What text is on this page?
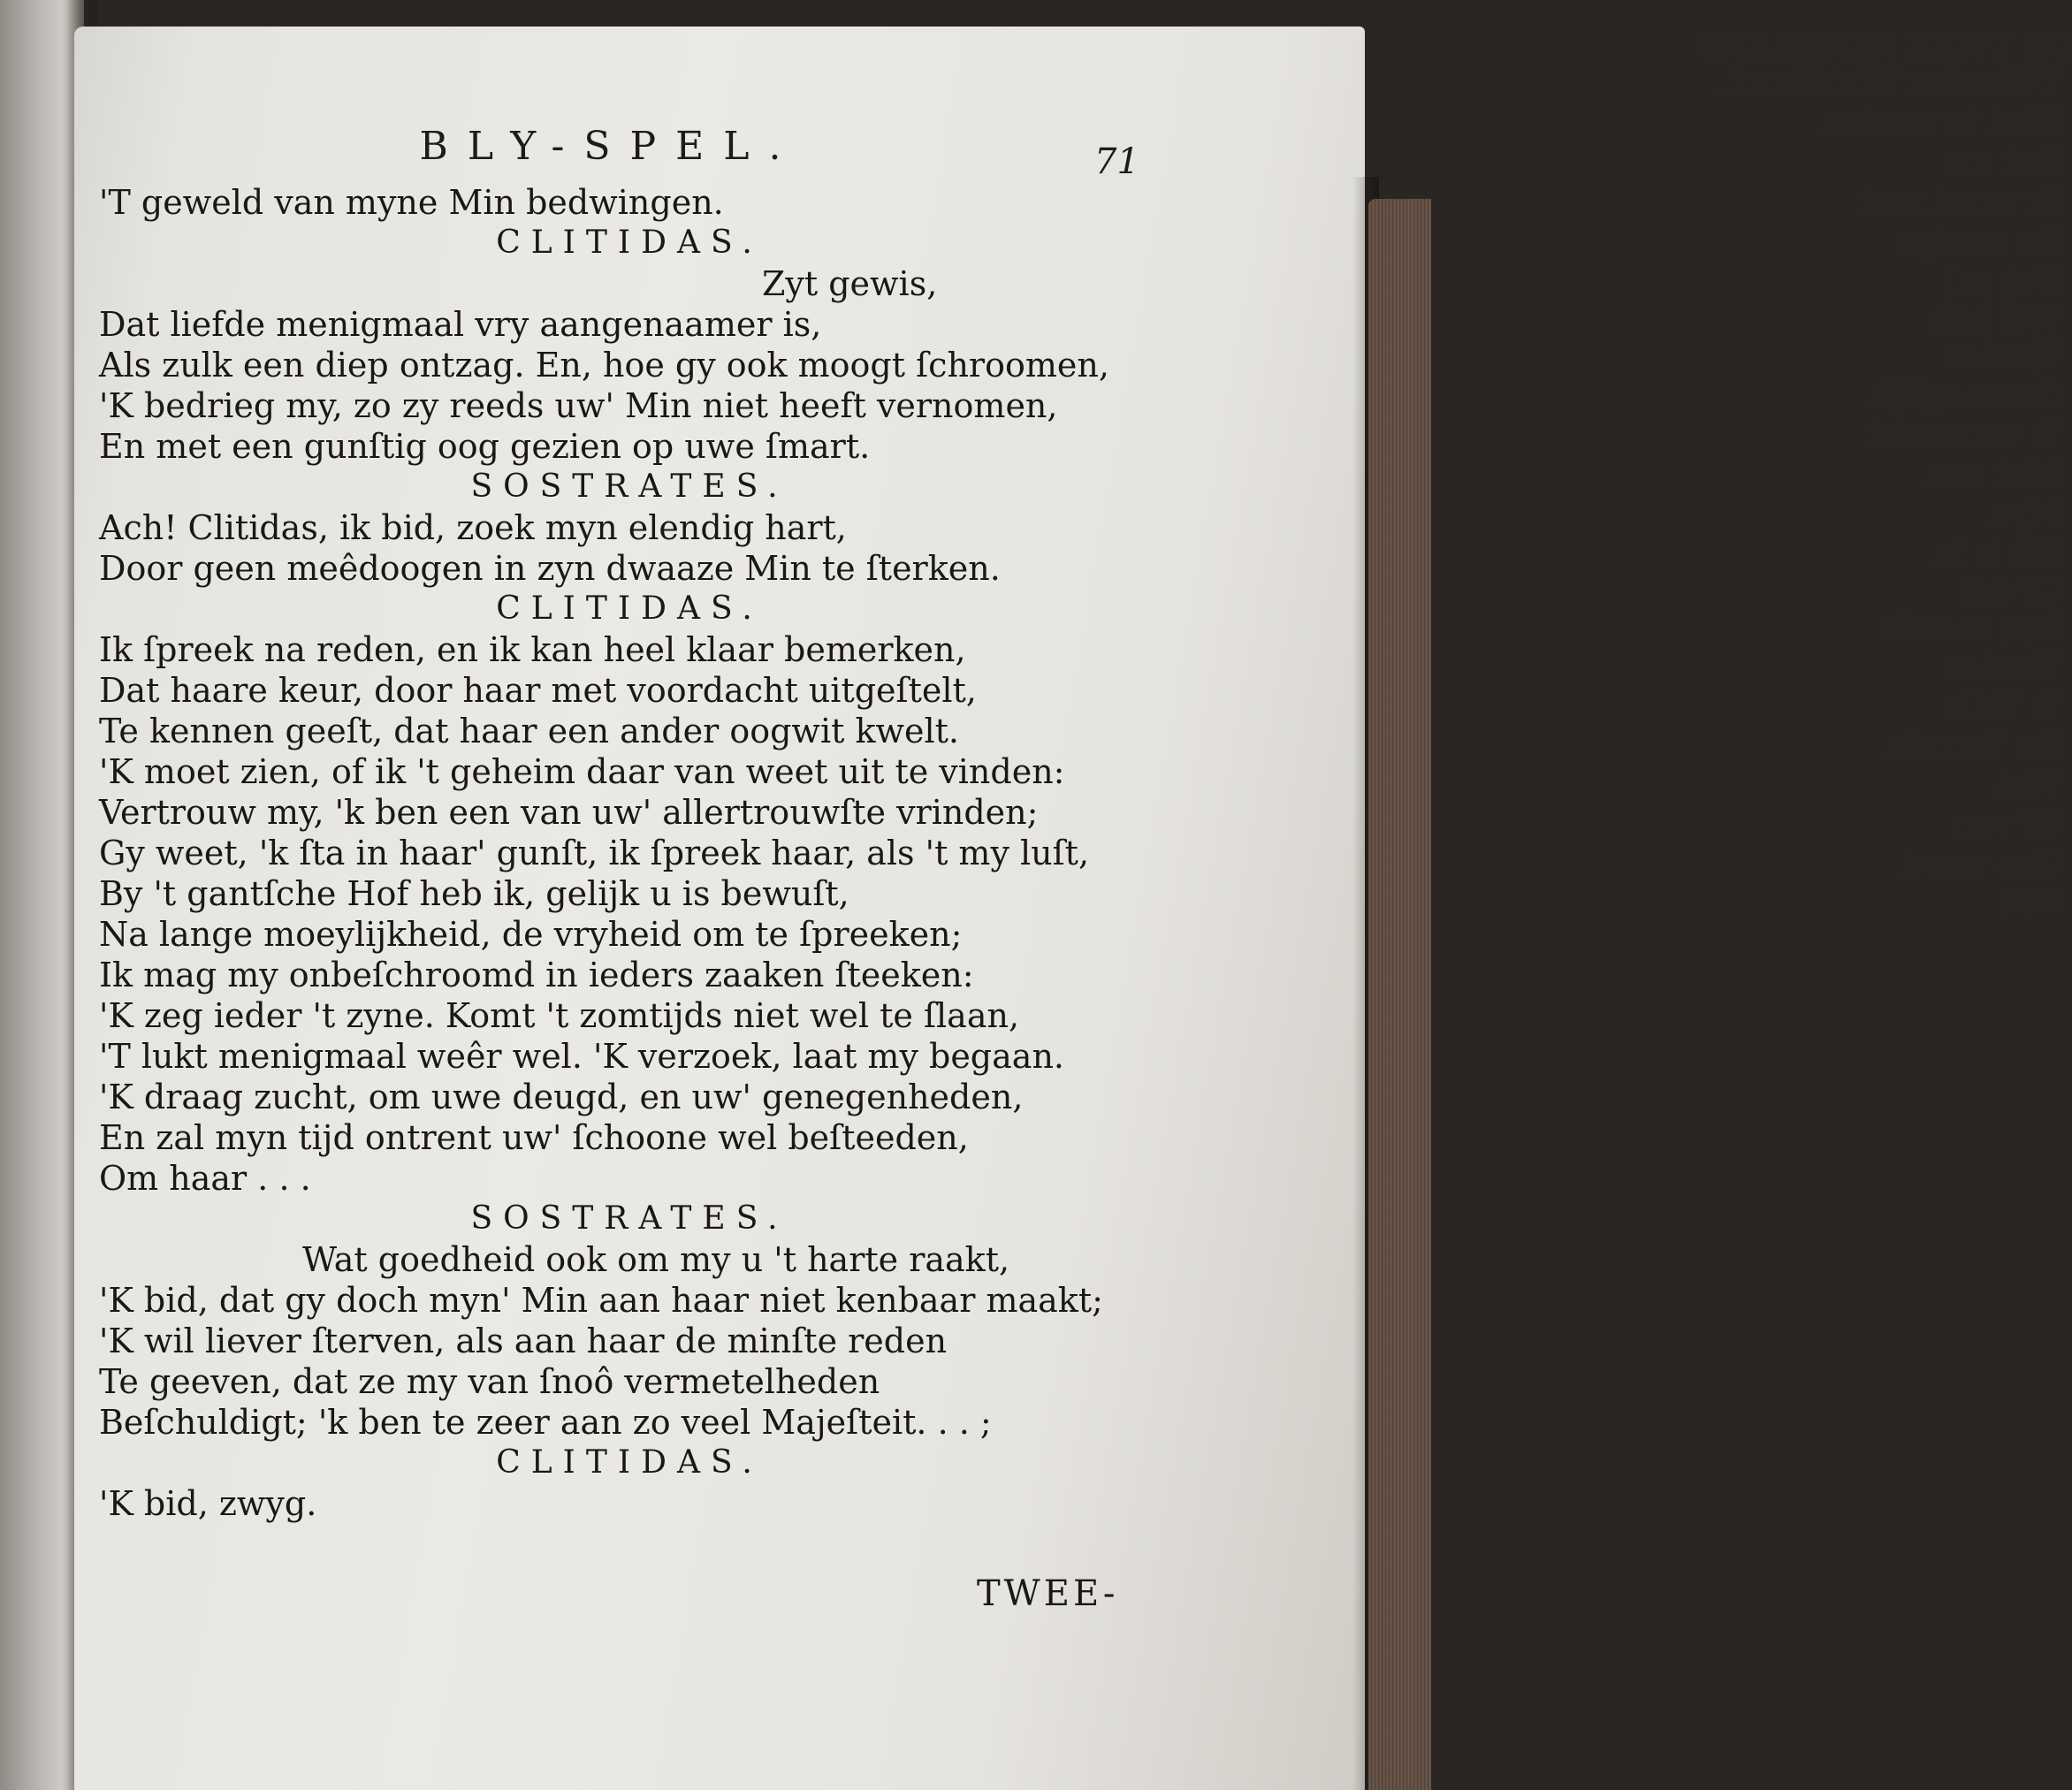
DE TWEE MINNAARS
TWEEDE TOONEEL.
Niet te vreden
Dat uw
Ik word met
En eenige
Dat zal
Wel heb
Vander
Onmooglijk
'k verwacht
Met een
Myn
Dit is in
Of dat
Dat voorde
Vander
'k Valle
En Terrein
Wat
Of van
Ons word
Dat
BLY-SPEL.	71
'T geweld van myne Min bedwingen.
CLITIDAS.
Zyt gewis,
Dat liefde menigmaal vry aangenaamer is,
Als zulk een diep ontzag. En, hoe gy ook moogt ſchroomen,
'K bedrieg my, zo zy reeds uw' Min niet heeft vernomen,
En met een gunſtig oog gezien op uwe ſmart.
SOSTRATES.
Ach! Clitidas, ik bid, zoek myn elendig hart,
Door geen meêdoogen in zyn dwaaze Min te ſterken.
CLITIDAS.
Ik ſpreek na reden, en ik kan heel klaar bemerken,
Dat haare keur, door haar met voordacht uitgeſtelt,
Te kennen geeſt, dat haar een ander oogwit kwelt.
'K moet zien, of ik 't geheim daar van weet uit te vinden:
Vertrouw my, 'k ben een van uw' allertrouwſte vrinden;
Gy weet, 'k ſta in haar' gunſt, ik ſpreek haar, als 't my luſt,
By 't gantſche Hof heb ik, gelijk u is bewuſt,
Na lange moeylijkheid, de vryheid om te ſpreeken;
Ik mag my onbeſchroomd in ieders zaaken ſteeken:
'K zeg ieder 't zyne. Komt 't zomtijds niet wel te ſlaan,
'T lukt menigmaal weêr wel. 'K verzoek, laat my begaan.
'K draag zucht, om uwe deugd, en uw' genegenheden,
En zal myn tijd ontrent uw' ſchoone wel beſteeden,
Om haar . . .
SOSTRATES.
Wat goedheid ook om my u 't harte raakt,
'K bid, dat gy doch myn' Min aan haar niet kenbaar maakt;
'K wil liever ſterven, als aan haar de minſte reden
Te geeven, dat ze my van ſnoô vermetelheden
Beſchuldigt; 'k ben te zeer aan zo veel Majeſteit. . . ;
CLITIDAS.
'K bid, zwyg.
TWEE-
